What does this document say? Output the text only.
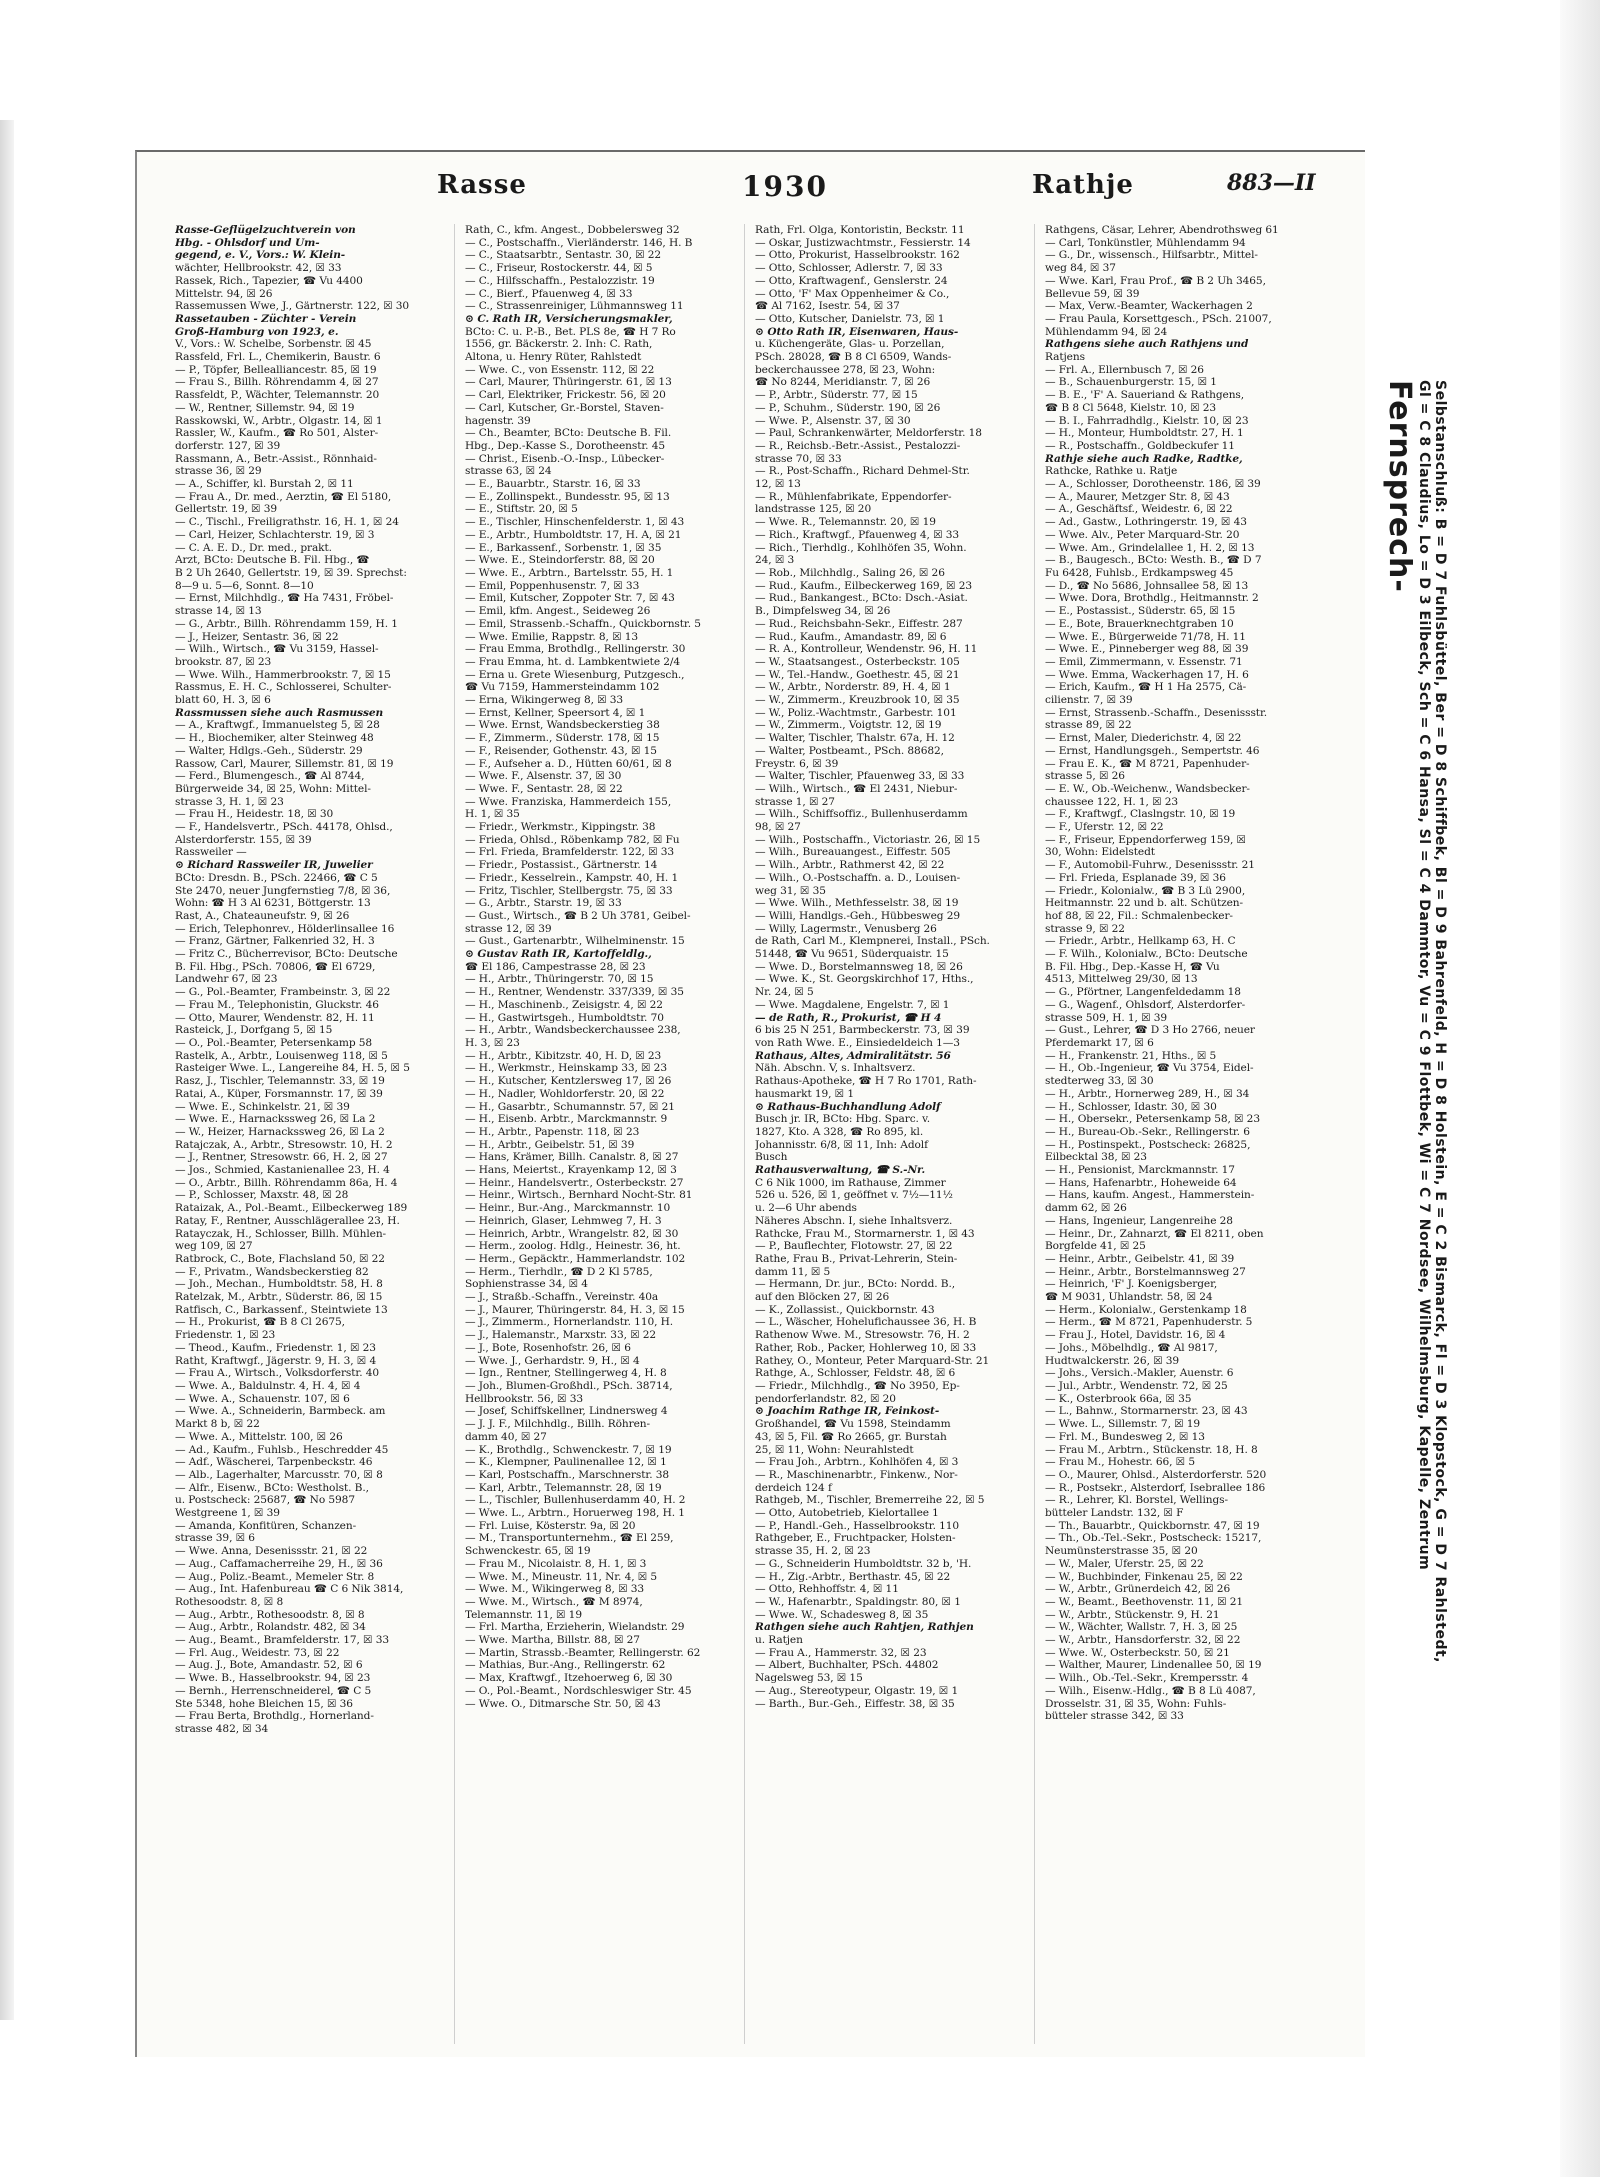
Rasse	1930	Rathje	883—II
Rasse-Geflügelzuchtverein von
Hbg. - Ohlsdorf und Um-
gegend, e. V., Vors.: W. Klein-
wächter, Hellbrookstr. 42, ☒ 33
Rassek, Rich., Tapezier, ☎ Vu 4400
Mittelstr. 94, ☒ 26
Rassemussen Wwe, J., Gärtnerstr. 122, ☒ 30
Rassetauben - Züchter - Verein
Groß-Hamburg von 1923, e.
V., Vors.: W. Schelbe, Sorbenstr. ☒ 45
Rassfeld, Frl. L., Chemikerin, Baustr. 6
— P., Töpfer, Bellealliancestr. 85, ☒ 19
— Frau S., Billh. Röhrendamm 4, ☒ 27
Rassfeldt, P., Wächter, Telemannstr. 20
— W., Rentner, Sillemstr. 94, ☒ 19
Rasskowski, W., Arbtr., Olgastr. 14, ☒ 1
Rassler, W., Kaufm., ☎ Ro 501, Alster-
dorferstr. 127, ☒ 39
Rassmann, A., Betr.-Assist., Rönnhaid-
strasse 36, ☒ 29
— A., Schiffer, kl. Burstah 2, ☒ 11
— Frau A., Dr. med., Aerztin, ☎ El 5180,
Gellertstr. 19, ☒ 39
— C., Tischl., Freiligrathstr. 16, H. 1, ☒ 24
— Carl, Heizer, Schlachterstr. 19, ☒ 3
— C. A. E. D., Dr. med., prakt.
Arzt, BCto: Deutsche B. Fil. Hbg., ☎
B 2 Uh 2640, Gellertstr. 19, ☒ 39. Sprechst:
8—9 u. 5—6, Sonnt. 8—10
— Ernst, Milchhdlg., ☎ Ha 7431, Fröbel-
strasse 14, ☒ 13
— G., Arbtr., Billh. Röhrendamm 159, H. 1
— J., Heizer, Sentastr. 36, ☒ 22
— Wilh., Wirtsch., ☎ Vu 3159, Hassel-
brookstr. 87, ☒ 23
— Wwe. Wilh., Hammerbrookstr. 7, ☒ 15
Rassmus, E. H. C., Schlosserei, Schulter-
blatt 60, H. 3, ☒ 6
Rassmussen siehe auch Rasmussen
— A., Kraftwgf., Immanuelsteg 5, ☒ 28
— H., Biochemiker, alter Steinweg 48
— Walter, Hdlgs.-Geh., Süderstr. 29
Rassow, Carl, Maurer, Sillemstr. 81, ☒ 19
— Ferd., Blumengesch., ☎ Al 8744,
Bürgerweide 34, ☒ 25, Wohn: Mittel-
strasse 3, H. 1, ☒ 23
— Frau H., Heidestr. 18, ☒ 30
— F., Handelsvertr., PSch. 44178, Ohlsd.,
Alsterdorferstr. 155, ☒ 39
Rassweiler —
⊙ Richard Rassweiler IR, Juwelier
BCto: Dresdn. B., PSch. 22466, ☎ C 5
Ste 2470, neuer Jungfernstieg 7/8, ☒ 36,
Wohn: ☎ H 3 Al 6231, Böttgerstr. 13
Rast, A., Chateauneufstr. 9, ☒ 26
— Erich, Telephonrev., Hölderlinsallee 16
— Franz, Gärtner, Falkenried 32, H. 3
— Fritz C., Bücherrevisor, BCto: Deutsche
B. Fil. Hbg., PSch. 70806, ☎ El 6729,
Landwehr 67, ☒ 23
— G., Pol.-Beamter, Frambeinstr. 3, ☒ 22
— Frau M., Telephonistin, Gluckstr. 46
— Otto, Maurer, Wendenstr. 82, H. 11
Rasteick, J., Dorfgang 5, ☒ 15
— O., Pol.-Beamter, Petersenkamp 58
Rastelk, A., Arbtr., Louisenweg 118, ☒ 5
Rasteiger Wwe. L., Langereihe 84, H. 5, ☒ 5
Rasz, J., Tischler, Telemannstr. 33, ☒ 19
Ratai, A., Küper, Forsmannstr. 17, ☒ 39
— Wwe. E., Schinkelstr. 21, ☒ 39
— Wwe. E., Harnackssweg 26, ☒ La 2
— W., Heizer, Harnackssweg 26, ☒ La 2
Ratajczak, A., Arbtr., Stresowstr. 10, H. 2
— J., Rentner, Stresowstr. 66, H. 2, ☒ 27
— Jos., Schmied, Kastanienallee 23, H. 4
— O., Arbtr., Billh. Röhrendamm 86a, H. 4
— P., Schlosser, Maxstr. 48, ☒ 28
Rataizak, A., Pol.-Beamt., Eilbeckerweg 189
Ratay, F., Rentner, Ausschlägerallee 23, H.
Ratayczak, H., Schlosser, Billh. Mühlen-
weg 109, ☒ 27
Ratbrock, C., Bote, Flachsland 50, ☒ 22
— F., Privatm., Wandsbeckerstieg 82
— Joh., Mechan., Humboldtstr. 58, H. 8
Ratelzak, M., Arbtr., Süderstr. 86, ☒ 15
Ratfisch, C., Barkassenf., Steintwiete 13
— H., Prokurist, ☎ B 8 Cl 2675,
Friedenstr. 1, ☒ 23
— Theod., Kaufm., Friedenstr. 1, ☒ 23
Ratht, Kraftwgf., Jägerstr. 9, H. 3, ☒ 4
— Frau A., Wirtsch., Volksdorferstr. 40
— Wwe. A., Baldulnstr. 4, H. 4, ☒ 4
— Wwe. A., Schauenstr. 107, ☒ 6
— Wwe. A., Schneiderin, Barmbeck. am
Markt 8 b, ☒ 22
— Wwe. A., Mittelstr. 100, ☒ 26
— Ad., Kaufm., Fuhlsb., Heschredder 45
— Adf., Wäscherei, Tarpenbeckstr. 46
— Alb., Lagerhalter, Marcusstr. 70, ☒ 8
— Alfr., Eisenw., BCto: Westholst. B.,
u. Postscheck: 25687, ☎ No 5987
Westgreene 1, ☒ 39
— Amanda, Konfitüren, Schanzen-
strasse 39, ☒ 6
— Wwe. Anna, Desenissstr. 21, ☒ 22
— Aug., Caffamacherreihe 29, H., ☒ 36
— Aug., Poliz.-Beamt., Memeler Str. 8
— Aug., Int. Hafenbureau ☎ C 6 Nik 3814,
Rothesoodstr. 8, ☒ 8
— Aug., Arbtr., Rothesoodstr. 8, ☒ 8
— Aug., Arbtr., Rolandstr. 482, ☒ 34
— Aug., Beamt., Bramfelderstr. 17, ☒ 33
— Frl. Aug., Weidestr. 73, ☒ 22
— Aug. J., Bote, Amandastr. 52, ☒ 6
— Wwe. B., Hasselbrookstr. 94, ☒ 23
— Bernh., Herrenschneiderel, ☎ C 5
Ste 5348, hohe Bleichen 15, ☒ 36
— Frau Berta, Brothdlg., Hornerland-
strasse 482, ☒ 34
Rath, C., kfm. Angest., Dobbelersweg 32
— C., Postschaffn., Vierländerstr. 146, H. B
— C., Staatsarbtr., Sentastr. 30, ☒ 22
— C., Friseur, Rostockerstr. 44, ☒ 5
— C., Hilfsschaffn., Pestalozzistr. 19
— C., Bierf., Pfauenweg 4, ☒ 33
— C., Strassenreiniger, Lühmannsweg 11
⊙ C. Rath IR, Versicherungsmakler,
BCto: C. u. P.-B., Bet. PLS 8e, ☎ H 7 Ro
1556, gr. Bäckerstr. 2. Inh: C. Rath,
Altona, u. Henry Rüter, Rahlstedt
— Wwe. C., von Essenstr. 112, ☒ 22
— Carl, Maurer, Thüringerstr. 61, ☒ 13
— Carl, Elektriker, Frickestr. 56, ☒ 20
— Carl, Kutscher, Gr.-Borstel, Staven-
hagenstr. 39
— Ch., Beamter, BCto: Deutsche B. Fil.
Hbg., Dep.-Kasse S., Dorotheenstr. 45
— Christ., Eisenb.-O.-Insp., Lübecker-
strasse 63, ☒ 24
— E., Bauarbtr., Starstr. 16, ☒ 33
— E., Zollinspekt., Bundesstr. 95, ☒ 13
— E., Stiftstr. 20, ☒ 5
— E., Tischler, Hinschenfelderstr. 1, ☒ 43
— E., Arbtr., Humboldtstr. 17, H. A, ☒ 21
— E., Barkassenf., Sorbenstr. 1, ☒ 35
— Wwe. E., Steindorferstr. 88, ☒ 20
— Wwe. E., Arbtrn., Bartelsstr. 55, H. 1
— Emil, Poppenhusenstr. 7, ☒ 33
— Emil, Kutscher, Zoppoter Str. 7, ☒ 43
— Emil, kfm. Angest., Seideweg 26
— Emil, Strassenb.-Schaffn., Quickbornstr. 5
— Wwe. Emilie, Rappstr. 8, ☒ 13
— Frau Emma, Brothdlg., Rellingerstr. 30
— Frau Emma, ht. d. Lambkentwiete 2/4
— Erna u. Grete Wiesenburg, Putzgesch.,
☎ Vu 7159, Hammersteindamm 102
— Erna, Wikingerweg 8, ☒ 33
— Ernst, Kellner, Speersort 4, ☒ 1
— Wwe. Ernst, Wandsbeckerstieg 38
— F., Zimmerm., Süderstr. 178, ☒ 15
— F., Reisender, Gothenstr. 43, ☒ 15
— F., Aufseher a. D., Hütten 60/61, ☒ 8
— Wwe. F., Alsenstr. 37, ☒ 30
— Wwe. F., Sentastr. 28, ☒ 22
— Wwe. Franziska, Hammerdeich 155,
H. 1, ☒ 35
— Friedr., Werkmstr., Kippingstr. 38
— Frieda, Ohlsd., Röbenkamp 782, ☒ Fu
— Frl. Frieda, Bramfelderstr. 122, ☒ 33
— Friedr., Postassist., Gärtnerstr. 14
— Friedr., Kesselrein., Kampstr. 40, H. 1
— Fritz, Tischler, Stellbergstr. 75, ☒ 33
— G., Arbtr., Starstr. 19, ☒ 33
— Gust., Wirtsch., ☎ B 2 Uh 3781, Geibel-
strasse 12, ☒ 39
— Gust., Gartenarbtr., Wilhelminenstr. 15
⊙ Gustav Rath IR, Kartoffeldlg.,
☎ El 186, Campestrasse 28, ☒ 23
— H., Arbtr., Thüringerstr. 70, ☒ 15
— H., Rentner, Wendenstr. 337/339, ☒ 35
— H., Maschinenb., Zeisigstr. 4, ☒ 22
— H., Gastwirtsgeh., Humboldtstr. 70
— H., Arbtr., Wandsbeckerchaussee 238,
H. 3, ☒ 23
— H., Arbtr., Kibitzstr. 40, H. D, ☒ 23
— H., Werkmstr., Heinskamp 33, ☒ 23
— H., Kutscher, Kentzlersweg 17, ☒ 26
— H., Nadler, Wohldorferstr. 20, ☒ 22
— H., Gasarbtr., Schumannstr. 57, ☒ 21
— H., Eisenb. Arbtr., Marckmannstr. 9
— H., Arbtr., Papenstr. 118, ☒ 23
— H., Arbtr., Geibelstr. 51, ☒ 39
— Hans, Krämer, Billh. Canalstr. 8, ☒ 27
— Hans, Meiertst., Krayenkamp 12, ☒ 3
— Heinr., Handelsvertr., Osterbeckstr. 27
— Heinr., Wirtsch., Bernhard Nocht-Str. 81
— Heinr., Bur.-Ang., Marckmannstr. 10
— Heinrich, Glaser, Lehmweg 7, H. 3
— Heinrich, Arbtr., Wrangelstr. 82, ☒ 30
— Herm., zoolog. Hdlg., Heinestr. 36, ht.
— Herm., Gepäcktr., Hammerlandstr. 102
— Herm., Tierhdlr., ☎ D 2 Kl 5785,
Sophienstrasse 34, ☒ 4
— J., Straßb.-Schaffn., Vereinstr. 40a
— J., Maurer, Thüringerstr. 84, H. 3, ☒ 15
— J., Zimmerm., Hornerlandstr. 110, H.
— J., Halemanstr., Marxstr. 33, ☒ 22
— J., Bote, Rosenhofstr. 26, ☒ 6
— Wwe. J., Gerhardstr. 9, H., ☒ 4
— Ign., Rentner, Stellingerweg 4, H. 8
— Joh., Blumen-Großhdl., PSch. 38714,
Hellbrookstr. 56, ☒ 33
— Josef, Schiffskellner, Lindnersweg 4
— J. J. F., Milchhdlg., Billh. Röhren-
damm 40, ☒ 27
— K., Brothdlg., Schwenckestr. 7, ☒ 19
— K., Klempner, Paulinenallee 12, ☒ 1
— Karl, Postschaffn., Marschnerstr. 38
— Karl, Arbtr., Telemannstr. 28, ☒ 19
— L., Tischler, Bullenhuserdamm 40, H. 2
— Wwe. L., Arbtrn., Horuerweg 198, H. 1
— Frl. Luise, Kösterstr. 9a, ☒ 20
— M., Transportunternehm., ☎ El 259,
Schwenckestr. 65, ☒ 19
— Frau M., Nicolaistr. 8, H. 1, ☒ 3
— Wwe. M., Mineustr. 11, Nr. 4, ☒ 5
— Wwe. M., Wikingerweg 8, ☒ 33
— Wwe. M., Wirtsch., ☎ M 8974,
Telemannstr. 11, ☒ 19
— Frl. Martha, Erzieherin, Wielandstr. 29
— Wwe. Martha, Billstr. 88, ☒ 27
— Martin, Strassb.-Beamter, Rellingerstr. 62
— Mathias, Bur.-Ang., Rellingerstr. 62
— Max, Kraftwgf., Itzehoerweg 6, ☒ 30
— O., Pol.-Beamt., Nordschleswiger Str. 45
— Wwe. O., Ditmarsche Str. 50, ☒ 43
Rath, Frl. Olga, Kontoristin, Beckstr. 11
— Oskar, Justizwachtmstr., Fessierstr. 14
— Otto, Prokurist, Hasselbrookstr. 162
— Otto, Schlosser, Adlerstr. 7, ☒ 33
— Otto, Kraftwagenf., Genslerstr. 24
— Otto, 'F' Max Oppenheimer & Co.,
☎ Al 7162, Isestr. 54, ☒ 37
— Otto, Kutscher, Danielstr. 73, ☒ 1
⊙ Otto Rath IR, Eisenwaren, Haus-
u. Küchengeräte, Glas- u. Porzellan,
PSch. 28028, ☎ B 8 Cl 6509, Wands-
beckerchaussee 278, ☒ 23, Wohn:
☎ No 8244, Meridianstr. 7, ☒ 26
— P., Arbtr., Süderstr. 77, ☒ 15
— P., Schuhm., Süderstr. 190, ☒ 26
— Wwe. P., Alsenstr. 37, ☒ 30
— Paul, Schrankenwärter, Meldorferstr. 18
— R., Reichsb.-Betr.-Assist., Pestalozzi-
strasse 70, ☒ 33
— R., Post-Schaffn., Richard Dehmel-Str.
12, ☒ 13
— R., Mühlenfabrikate, Eppendorfer-
landstrasse 125, ☒ 20
— Wwe. R., Telemannstr. 20, ☒ 19
— Rich., Kraftwgf., Pfauenweg 4, ☒ 33
— Rich., Tierhdlg., Kohlhöfen 35, Wohn.
24, ☒ 3
— Rob., Milchhdlg., Saling 26, ☒ 26
— Rud., Kaufm., Eilbeckerweg 169, ☒ 23
— Rud., Bankangest., BCto: Dsch.-Asiat.
B., Dimpfelsweg 34, ☒ 26
— Rud., Reichsbahn-Sekr., Eiffestr. 287
— Rud., Kaufm., Amandastr. 89, ☒ 6
— R. A., Kontrolleur, Wendenstr. 96, H. 11
— W., Staatsangest., Osterbeckstr. 105
— W., Tel.-Handw., Goethestr. 45, ☒ 21
— W., Arbtr., Norderstr. 89, H. 4, ☒ 1
— W., Zimmerm., Kreuzbrook 10, ☒ 35
— W., Poliz.-Wachtmstr., Garbestr. 101
— W., Zimmerm., Voigtstr. 12, ☒ 19
— Walter, Tischler, Thalstr. 67a, H. 12
— Walter, Postbeamt., PSch. 88682,
Freystr. 6, ☒ 39
— Walter, Tischler, Pfauenweg 33, ☒ 33
— Wilh., Wirtsch., ☎ El 2431, Niebur-
strasse 1, ☒ 27
— Wilh., Schiffsoffiz., Bullenhuserdamm
98, ☒ 27
— Wilh., Postschaffn., Victoriastr. 26, ☒ 15
— Wilh., Bureauangest., Eiffestr. 505
— Wilh., Arbtr., Rathmerst 42, ☒ 22
— Wilh., O.-Postschaffn. a. D., Louisen-
weg 31, ☒ 35
— Wwe. Wilh., Methfesselstr. 38, ☒ 19
— Willi, Handlgs.-Geh., Hübbesweg 29
— Willy, Lagermstr., Venusberg 26
de Rath, Carl M., Klempnerei, Install., PSch.
51448, ☎ Vu 9651, Süderquaistr. 15
— Wwe. D., Borstelmannsweg 18, ☒ 26
— Wwe. K., St. Georgskirchhof 17, Hths.,
Nr. 24, ☒ 5
— Wwe. Magdalene, Engelstr. 7, ☒ 1
— de Rath, R., Prokurist, ☎ H 4
6 bis 25 N 251, Barmbeckerstr. 73, ☒ 39
von Rath Wwe. E., Einsiedeldeich 1—3
Rathaus, Altes, Admiralitätstr. 56
Näh. Abschn. V, s. Inhaltsverz.
Rathaus-Apotheke, ☎ H 7 Ro 1701, Rath-
hausmarkt 19, ☒ 1
⊙ Rathaus-Buchhandlung Adolf
Busch jr. IR, BCto: Hbg. Sparc. v.
1827, Kto. A 328, ☎ Ro 895, kl.
Johannisstr. 6/8, ☒ 11, Inh: Adolf
Busch
Rathausverwaltung, ☎ S.-Nr.
C 6 Nik 1000, im Rathause, Zimmer
526 u. 526, ☒ 1, geöffnet v. 7½—11½
u. 2—6 Uhr abends
Näheres Abschn. I, siehe Inhaltsverz.
Rathcke, Frau M., Stormarnerstr. 1, ☒ 43
— P., Bauflechter, Flotowstr. 27, ☒ 22
Rathe, Frau B., Privat-Lehrerin, Stein-
damm 11, ☒ 5
— Hermann, Dr. jur., BCto: Nordd. B.,
auf den Blöcken 27, ☒ 26
— K., Zollassist., Quickbornstr. 43
— L., Wäscher, Hohelufichaussee 36, H. B
Rathenow Wwe. M., Stresowstr. 76, H. 2
Rather, Rob., Packer, Hohlerweg 10, ☒ 33
Rathey, O., Monteur, Peter Marquard-Str. 21
Rathge, A., Schlosser, Feldstr. 48, ☒ 6
— Friedr., Milchhdlg., ☎ No 3950, Ep-
pendorferlandstr. 82, ☒ 20
⊙ Joachim Rathge IR, Feinkost-
Großhandel, ☎ Vu 1598, Steindamm
43, ☒ 5, Fil. ☎ Ro 2665, gr. Burstah
25, ☒ 11, Wohn: Neurahlstedt
— Frau Joh., Arbtrn., Kohlhöfen 4, ☒ 3
— R., Maschinenarbtr., Finkenw., Nor-
derdeich 124 f
Rathgeb, M., Tischler, Bremerreihe 22, ☒ 5
— Otto, Autobetrieb, Kielortallee 1
— P., Handl.-Geh., Hasselbrookstr. 110
Rathgeber, E., Fruchtpacker, Holsten-
strasse 35, H. 2, ☒ 23
— G., Schneiderin Humboldtstr. 32 b, 'H.
— H., Zig.-Arbtr., Berthastr. 45, ☒ 22
— Otto, Rehhoffstr. 4, ☒ 11
— W., Hafenarbtr., Spaldingstr. 80, ☒ 1
— Wwe. W., Schadesweg 8, ☒ 35
Rathgen siehe auch Rahtjen, Rathjen
u. Ratjen
— Frau A., Hammerstr. 32, ☒ 23
— Albert, Buchhalter, PSch. 44802
Nagelsweg 53, ☒ 15
— Aug., Stereotypeur, Olgastr. 19, ☒ 1
— Barth., Bur.-Geh., Eiffestr. 38, ☒ 35
Rathgens, Cäsar, Lehrer, Abendrothsweg 61
— Carl, Tonkünstler, Mühlendamm 94
— G., Dr., wissensch., Hilfsarbtr., Mittel-
weg 84, ☒ 37
— Wwe. Karl, Frau Prof., ☎ B 2 Uh 3465,
Bellevue 59, ☒ 39
— Max, Verw.-Beamter, Wackerhagen 2
— Frau Paula, Korsettgesch., PSch. 21007,
Mühlendamm 94, ☒ 24
Rathgens siehe auch Rathjens und
Ratjens
— Frl. A., Ellernbusch 7, ☒ 26
— B., Schauenburgerstr. 15, ☒ 1
— B. E., 'F' A. Saueriand & Rathgens,
☎ B 8 Cl 5648, Kielstr. 10, ☒ 23
— B. I., Fahrradhdlg., Kielstr. 10, ☒ 23
— H., Monteur, Humboldtstr. 27, H. 1
— R., Postschaffn., Goldbeckufer 11
Rathje siehe auch Radke, Radtke,
Rathcke, Rathke u. Ratje
— A., Schlosser, Dorotheenstr. 186, ☒ 39
— A., Maurer, Metzger Str. 8, ☒ 43
— A., Geschäftsf., Weidestr. 6, ☒ 22
— Ad., Gastw., Lothringerstr. 19, ☒ 43
— Wwe. Alv., Peter Marquard-Str. 20
— Wwe. Am., Grindelallee 1, H. 2, ☒ 13
— B., Baugesch., BCto: Westh. B., ☎ D 7
Fu 6428, Fuhlsb., Erdkampsweg 45
— D., ☎ No 5686, Johnsallee 58, ☒ 13
— Wwe. Dora, Brothdlg., Heitmannstr. 2
— E., Postassist., Süderstr. 65, ☒ 15
— E., Bote, Brauerknechtgraben 10
— Wwe. E., Bürgerweide 71/78, H. 11
— Wwe. E., Pinneberger weg 88, ☒ 39
— Emil, Zimmermann, v. Essenstr. 71
— Wwe. Emma, Wackerhagen 17, H. 6
— Erich, Kaufm., ☎ H 1 Ha 2575, Cä-
cilienstr. 7, ☒ 39
— Ernst, Strassenb.-Schaffn., Desenissstr.
strasse 89, ☒ 22
— Ernst, Maler, Diederichstr. 4, ☒ 22
— Ernst, Handlungsgeh., Sempertstr. 46
— Frau E. K., ☎ M 8721, Papenhuder-
strasse 5, ☒ 26
— E. W., Ob.-Weichenw., Wandsbecker-
chaussee 122, H. 1, ☒ 23
— F., Kraftwgf., Claslngstr. 10, ☒ 19
— F., Uferstr. 12, ☒ 22
— F., Friseur, Eppendorferweg 159, ☒
30, Wohn: Eidelstedt
— F., Automobil-Fuhrw., Desenissstr. 21
— Frl. Frieda, Esplanade 39, ☒ 36
— Friedr., Kolonialw., ☎ B 3 Lü 2900,
Heitmannstr. 22 und b. alt. Schützen-
hof 88, ☒ 22, Fil.: Schmalenbecker-
strasse 9, ☒ 22
— Friedr., Arbtr., Hellkamp 63, H. C
— F. Wilh., Kolonialw., BCto: Deutsche
B. Fil. Hbg., Dep.-Kasse H, ☎ Vu
4513, Mittelweg 29/30, ☒ 13
— G., Pförtner, Langenfeldedamm 18
— G., Wagenf., Ohlsdorf, Alsterdorfer-
strasse 509, H. 1, ☒ 39
— Gust., Lehrer, ☎ D 3 Ho 2766, neuer
Pferdemarkt 17, ☒ 6
— H., Frankenstr. 21, Hths., ☒ 5
— H., Ob.-Ingenieur, ☎ Vu 3754, Eidel-
stedterweg 33, ☒ 30
— H., Arbtr., Hornerweg 289, H., ☒ 34
— H., Schlosser, Idastr. 30, ☒ 30
— H., Obersekr., Petersenkamp 58, ☒ 23
— H., Bureau-Ob.-Sekr., Rellingerstr. 6
— H., Postinspekt., Postscheck: 26825,
Eilbecktal 38, ☒ 23
— H., Pensionist, Marckmannstr. 17
— Hans, Hafenarbtr., Hoheweide 64
— Hans, kaufm. Angest., Hammerstein-
damm 62, ☒ 26
— Hans, Ingenieur, Langenreihe 28
— Heinr., Dr., Zahnarzt, ☎ El 8211, oben
Borgfelde 41, ☒ 25
— Heinr., Arbtr., Geibelstr. 41, ☒ 39
— Heinr., Arbtr., Borstelmannsweg 27
— Heinrich, 'F' J. Koenigsberger,
☎ M 9031, Uhlandstr. 58, ☒ 24
— Herm., Kolonialw., Gerstenkamp 18
— Herm., ☎ M 8721, Papenhuderstr. 5
— Frau J., Hotel, Davidstr. 16, ☒ 4
— Johs., Möbelhdlg., ☎ Al 9817,
Hudtwalckerstr. 26, ☒ 39
— Johs., Versich.-Makler, Auenstr. 6
— Jul., Arbtr., Wendenstr. 72, ☒ 25
— K., Osterbrook 66a, ☒ 35
— L., Bahnw., Stormarnerstr. 23, ☒ 43
— Wwe. L., Sillemstr. 7, ☒ 19
— Frl. M., Bundesweg 2, ☒ 13
— Frau M., Arbtrn., Stückenstr. 18, H. 8
— Frau M., Hohestr. 66, ☒ 5
— O., Maurer, Ohlsd., Alsterdorferstr. 520
— R., Postsekr., Alsterdorf, Isebrallee 186
— R., Lehrer, Kl. Borstel, Wellings-
bütteler Landstr. 132, ☒ F
— Th., Bauarbtr., Quickbornstr. 47, ☒ 19
— Th., Ob.-Tel.-Sekr., Postscheck: 15217,
Neumünsterstrasse 35, ☒ 20
— W., Maler, Uferstr. 25, ☒ 22
— W., Buchbinder, Finkenau 25, ☒ 22
— W., Arbtr., Grünerdeich 42, ☒ 26
— W., Beamt., Beethovenstr. 11, ☒ 21
— W., Arbtr., Stückenstr. 9, H. 21
— W., Wächter, Wallstr. 7, H. 3, ☒ 25
— W., Arbtr., Hansdorferstr. 32, ☒ 22
— Wwe. W., Osterbeckstr. 50, ☒ 21
— Walther, Maurer, Lindenallee 50, ☒ 19
— Wilh., Ob.-Tel.-Sekr., Krempersstr. 4
— Wilh., Eisenw.-Hdlg., ☎ B 8 Lü 4087,
Drosselstr. 31, ☒ 35, Wohn: Fuhls-
bütteler strasse 342, ☒ 33
Fernsprech-	Selbstanschluß: B = D 7 Fuhlsbüttel, Ber = D 8 Schiffbek, Bl = D 9 Bahrenfeld, H = D 8 Holstein, E = C 2 Bismarck, Fl = D 3 Klopstock, G = D 7 Rahlstedt, Gl = C 8 Claudius, Lo = D 3 Eilbeck, Sch = C 6 Hansa, Sl = C 4 Dammtor, Vu = C 9 Flottbek, Wi = C 7 Nordsee, Wilhelmsburg, Kapelle, Zentrum
